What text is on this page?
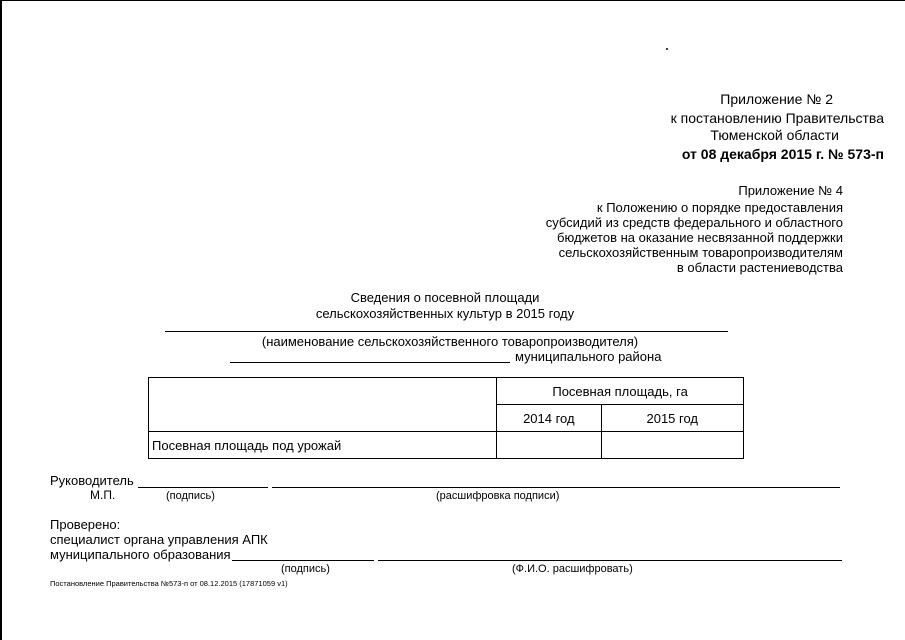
Приложение № 2
к постановлению Правительства
Тюменской области
от 08 декабря 2015 г. № 573-п
Приложение № 4
к Положению о порядке предоставления
субсидий из средств федерального и областного
бюджетов на оказание несвязанной поддержки
сельскохозяйственным товаропроизводителям
в области растениеводства
Сведения о посевной площади
сельскохозяйственных культур в 2015 году
(наименование сельскохозяйственного товаропроизводителя)
муниципального района
	Посевная площадь, га	
	2014 год	2015 год
Посевная площадь под урожай		
Руководитель
М.П.	(подпись)	(расшифровка подписи)
Проверено:
специалист органа управления АПК
муниципального образования
(подпись)	(Ф.И.О. расшифровать)
Постановление Правительства №573-п от 08.12.2015 (17871059 v1)
